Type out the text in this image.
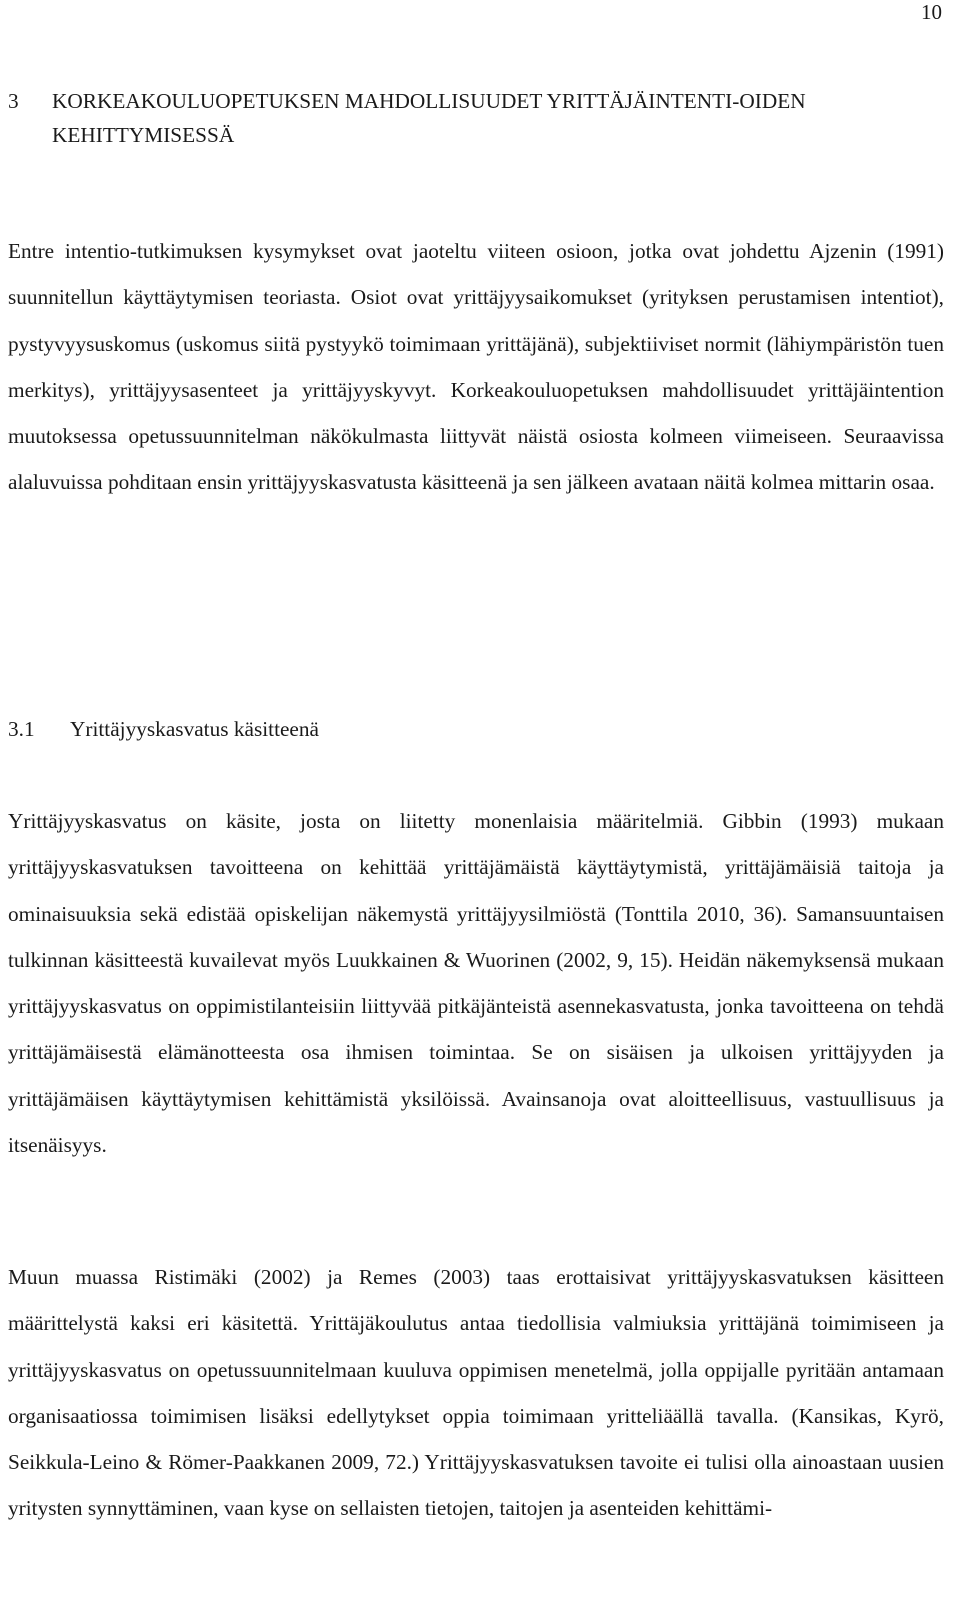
10
3	KORKEAKOULUOPETUKSEN MAHDOLLISUUDET YRITTÄJÄINTENTI-OIDEN KEHITTYMISESSÄ

Entre intentio-tutkimuksen kysymykset ovat jaoteltu viiteen osioon, jotka ovat johdettu Ajzenin (1991) suunnitellun käyttäytymisen teoriasta. Osiot ovat yrittäjyysaikomukset (yrityksen perustamisen intentiot), pystyvyysuskomus (uskomus siitä pystyykö toimimaan yrittäjänä), subjektiiviset normit (lähiympäristön tuen merkitys), yrittäjyysasenteet ja yrittäjyyskyvyt. Korkeakouluopetuksen mahdollisuudet yrittäjäintention muutoksessa opetussuunnitelman näkökulmasta liittyvät näistä osiosta kolmeen viimeiseen. Seuraavissa alaluvuissa pohditaan ensin yrittäjyyskasvatusta käsitteenä ja sen jälkeen avataan näitä kolmea mittarin osaa.

3.1	Yrittäjyyskasvatus käsitteenä

Yrittäjyyskasvatus on käsite, josta on liitetty monenlaisia määritelmiä. Gibbin (1993) mukaan yrittäjyyskasvatuksen tavoitteena on kehittää yrittäjämäistä käyttäytymistä, yrittäjämäisiä taitoja ja ominaisuuksia sekä edistää opiskelijan näkemystä yrittäjyysilmiöstä (Tonttila 2010, 36). Samansuuntaisen tulkinnan käsitteestä kuvailevat myös Luukkainen & Wuorinen (2002, 9, 15). Heidän näkemyksensä mukaan yrittäjyyskasvatus on oppimistilanteisiin liittyvää pitkäjänteistä asennekasvatusta, jonka tavoitteena on tehdä yrittäjämäisestä elämänotteesta osa ihmisen toimintaa. Se on sisäisen ja ulkoisen yrittäjyyden ja yrittäjämäisen käyttäytymisen kehittämistä yksilöissä. Avainsanoja ovat aloitteellisuus, vastuullisuus ja itsenäisyys.

Muun muassa Ristimäki (2002) ja Remes (2003) taas erottaisivat yrittäjyyskasvatuksen käsitteen määrittelystä kaksi eri käsitettä. Yrittäjäkoulutus antaa tiedollisia valmiuksia yrittäjänä toimimiseen ja yrittäjyyskasvatus on opetussuunnitelmaan kuuluva oppimisen menetelmä, jolla oppijalle pyritään antamaan organisaatiossa toimimisen lisäksi edellytykset oppia toimimaan yritteliäällä tavalla. (Kansikas, Kyrö, Seikkula-Leino & Römer-Paakkanen 2009, 72.) Yrittäjyyskasvatuksen tavoite ei tulisi olla ainoastaan uusien yritysten synnyttäminen, vaan kyse on sellaisten tietojen, taitojen ja asenteiden kehittämi-
